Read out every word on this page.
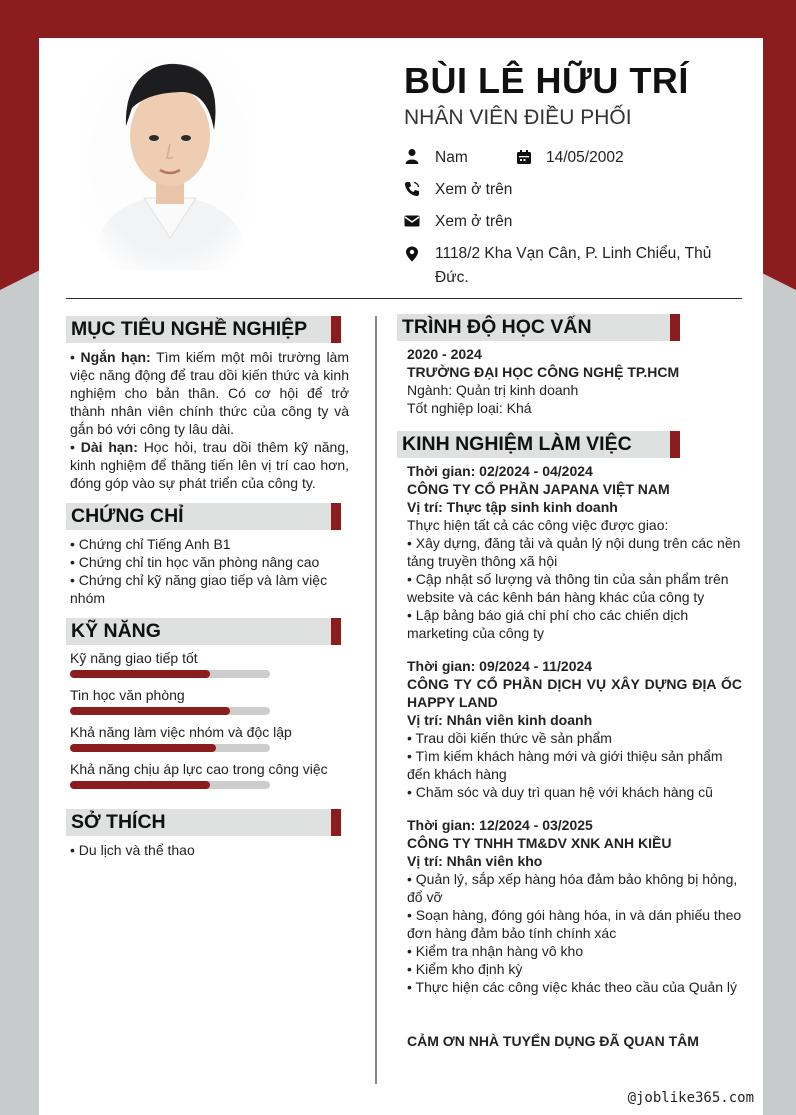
BÙI LÊ HỮU TRÍ
NHÂN VIÊN ĐIỀU PHỐI
Nam	14/05/2002
Xem ở trên
Xem ở trên
1118/2 Kha Vạn Cân, P. Linh Chiểu, Thủ
Đức.
MỤC TIÊU NGHỀ NGHIỆP
• Ngắn hạn: Tìm kiếm một môi trường làm việc năng động để trau dồi kiến thức và kinh nghiệm cho bản thân. Có cơ hội để trở thành nhân viên chính thức của công ty và gắn bó với công ty lâu dài.
• Dài hạn: Học hỏi, trau dồi thêm kỹ năng, kinh nghiệm để thăng tiến lên vị trí cao hơn, đóng góp vào sự phát triển của công ty.
CHỨNG CHỈ
• Chứng chỉ Tiếng Anh B1
• Chứng chỉ tin học văn phòng nâng cao
• Chứng chỉ kỹ năng giao tiếp và làm việc nhóm
KỸ NĂNG
Kỹ năng giao tiếp tốt
Tin học văn phòng
Khả năng làm việc nhóm và độc lập
Khả năng chịu áp lực cao trong công việc
SỞ THÍCH
• Du lịch và thể thao
TRÌNH ĐỘ HỌC VẤN
2020 - 2024
TRƯỜNG ĐẠI HỌC CÔNG NGHỆ TP.HCM
Ngành: Quản trị kinh doanh
Tốt nghiệp loại: Khá
KINH NGHIỆM LÀM VIỆC
Thời gian: 02/2024 - 04/2024
CÔNG TY CỔ PHẦN JAPANA VIỆT NAM
Vị trí: Thực tập sinh kinh doanh
Thực hiện tất cả các công việc được giao:
• Xây dựng, đăng tải và quản lý nội dung trên các nền tảng truyền thông xã hội
• Cập nhật số lượng và thông tin của sản phẩm trên website và các kênh bán hàng khác của công ty
• Lập bảng báo giá chi phí cho các chiến dịch marketing của công ty
Thời gian: 09/2024 - 11/2024
CÔNG TY CỔ PHẦN DỊCH VỤ XÂY DỰNG ĐỊA ỐC HAPPY LAND
Vị trí: Nhân viên kinh doanh
• Trau dồi kiến thức về sản phẩm
• Tìm kiếm khách hàng mới và giới thiệu sản phẩm đến khách hàng
• Chăm sóc và duy trì quan hệ với khách hàng cũ
Thời gian: 12/2024 - 03/2025
CÔNG TY TNHH TM&DV XNK ANH KIỀU
Vị trí: Nhân viên kho
• Quản lý, sắp xếp hàng hóa đảm bảo không bị hỏng, đổ vỡ
• Soạn hàng, đóng gói hàng hóa, in và dán phiếu theo đơn hàng đảm bảo tính chính xác
• Kiểm tra nhận hàng vô kho
• Kiểm kho định kỳ
• Thực hiện các công việc khác theo cầu của Quản lý
CẢM ƠN NHÀ TUYỂN DỤNG ĐÃ QUAN TÂM
@joblike365.com
